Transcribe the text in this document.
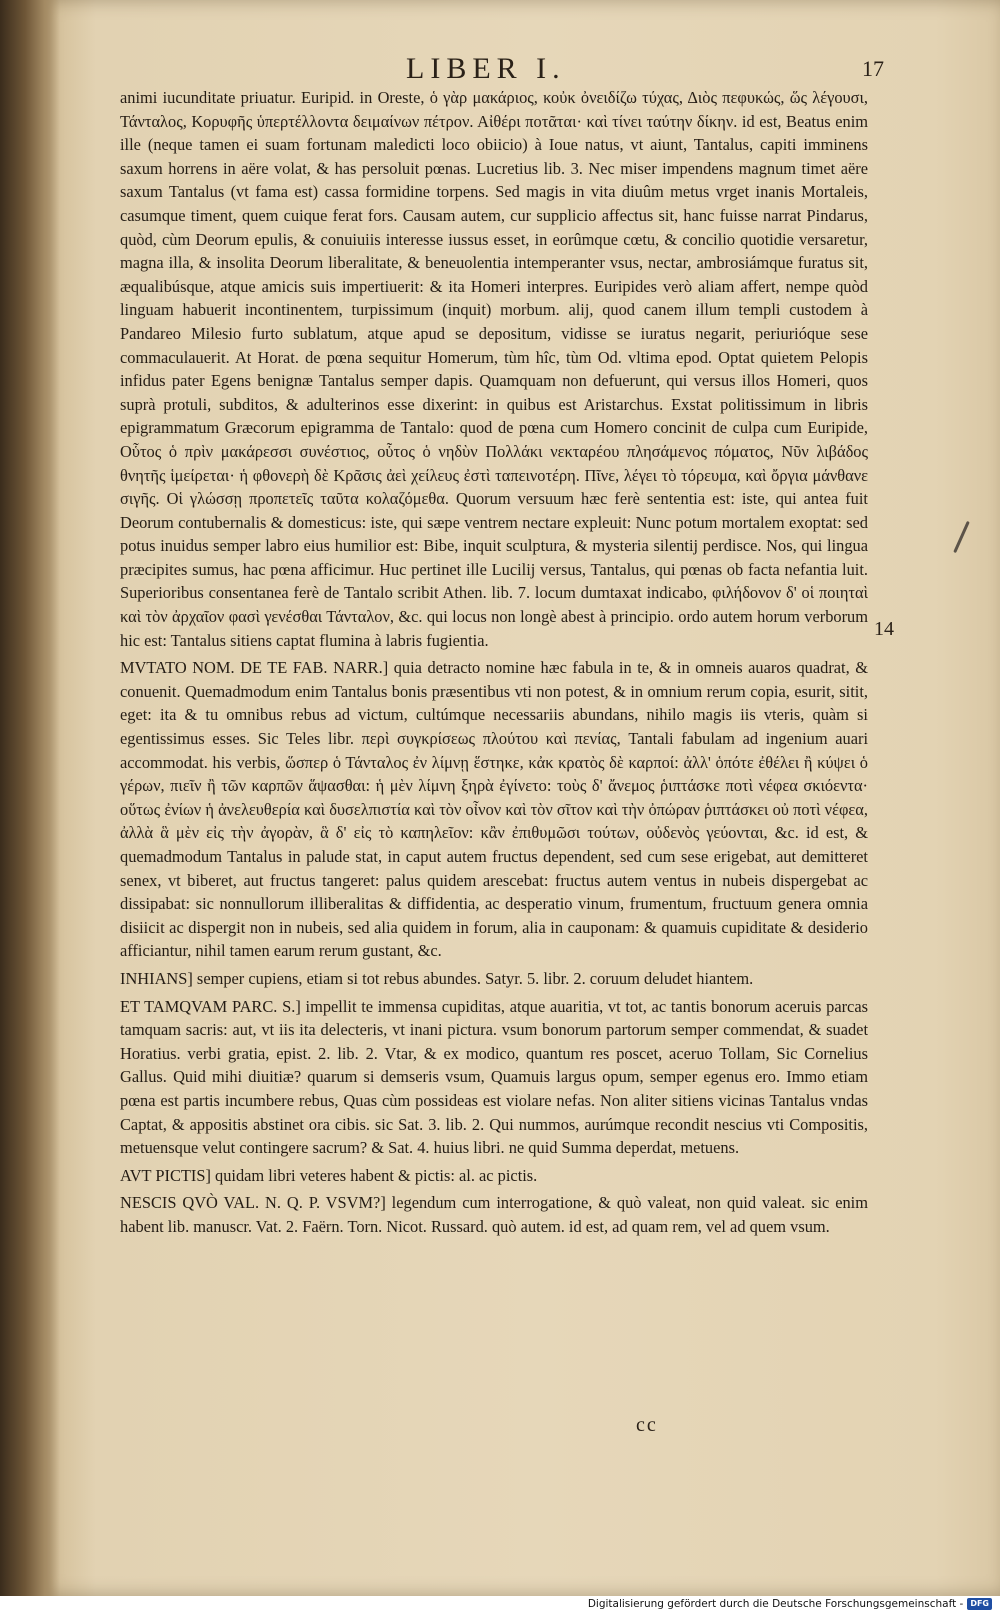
LIBER I.	17

animi iucunditate priuatur. Euripid. in Oreste, ὁ γὰρ μακάριος, κοὐκ ὀνειδίζω τύχας, Διὸς πεφυκώς, ὥς λέγουσι, Τάνταλος, Κορυφῆς ὑπερτέλλοντα δειμαίνων πέτρον. Αἰθέρι ποτᾶται· καὶ τίνει ταύτην δίκην. id est, Beatus enim ille (neque tamen ei suam fortunam maledicti loco obiicio) à Ioue natus, vt aiunt, Tantalus, capiti imminens saxum horrens in aëre volat, & has persoluit pœnas. Lucretius lib. 3. Nec miser impendens magnum timet aëre saxum Tantalus (vt fama est) cassa formidine torpens. Sed magis in vita diuûm metus vrget inanis Mortaleis, casumque timent, quem cuique ferat fors. Causam autem, cur supplicio affectus sit, hanc fuisse narrat Pindarus, quòd, cùm Deorum epulis, & conuiuiis interesse iussus esset, in eorûmque cœtu, & concilio quotidie versaretur, magna illa, & insolita Deorum liberalitate, & beneuolentia intemperanter vsus, nectar, ambrosiámque furatus sit, æqualibúsque, atque amicis suis impertiuerit: & ita Homeri interpres. Euripides verò aliam affert, nempe quòd linguam habuerit incontinentem, turpissimum (inquit) morbum. alij, quod canem illum templi custodem à Pandareo Milesio furto sublatum, atque apud se depositum, vidisse se iuratus negarit, periurióque sese commaculauerit. At Horat. de pœna sequitur Homerum, tùm hîc, tùm Od. vltima epod. Optat quietem Pelopis infidus pater Egens benignæ Tantalus semper dapis. Quamquam non defuerunt, qui versus illos Homeri, quos suprà protuli, subditos, & adulterinos esse dixerint: in quibus est Aristarchus. Exstat politissimum in libris epigrammatum Græcorum epigramma de Tantalo: quod de pœna cum Homero concinit de culpa cum Euripide, Οὗτος ὁ πρὶν μακάρεσσι συνέστιος, οὗτος ὁ νηδὺν Πολλάκι νεκταρέου πλησάμενος πόματος, Νῦν λιβάδος θνητῆς ἱμείρεται· ἡ φθονερὴ δὲ Κρᾶσις ἀεὶ χείλευς ἐστὶ ταπεινοτέρη. Πῖνε, λέγει τὸ τόρευμα, καὶ ὄργια μάνθανε σιγῆς. Οἱ γλώσσῃ προπετεῖς ταῦτα κολαζόμεθα. Quorum versuum hæc ferè sententia est: iste, qui antea fuit Deorum contubernalis & domesticus: iste, qui sæpe ventrem nectare expleuit: Nunc potum mortalem exoptat: sed potus inuidus semper labro eius humilior est: Bibe, inquit sculptura, & mysteria silentij perdisce. Nos, qui lingua præcipites sumus, hac pœna afficimur. Huc pertinet ille Lucilij versus, Tantalus, qui pœnas ob facta nefantia luit. Superioribus consentanea ferè de Tantalo scribit Athen. lib. 7. locum dumtaxat indicabo, φιλήδονον δ' οἱ ποιηταὶ καὶ τὸν ἀρχαῖον φασὶ γενέσθαι Τάνταλον, &c. qui locus non longè abest à principio. ordo autem horum verborum hic est: Tantalus sitiens captat flumina à labris fugientia.

MVTATO NOM. DE TE FAB. NARR.] quia detracto nomine hæc fabula in te, & in omneis auaros quadrat, & conuenit. Quemadmodum enim Tantalus bonis præsentibus vti non potest, & in omnium rerum copia, esurit, sitit, eget: ita & tu omnibus rebus ad victum, cultúmque necessariis abundans, nihilo magis iis vteris, quàm si egentissimus esses. Sic Teles libr. περὶ συγκρίσεως πλούτου καὶ πενίας, Tantali fabulam ad ingenium auari accommodat. his verbis, ὥσπερ ὁ Τάνταλος ἐν λίμνῃ ἕστηκε, κἀκ κρατὸς δὲ καρποί: ἀλλ' ὁπότε ἐθέλει ἢ κύψει ὁ γέρων, πιεῖν ἢ τῶν καρπῶν ἅψασθαι: ἡ μὲν λίμνη ξηρὰ ἐγίνετο: τοὺς δ' ἄνεμος ῥιπτάσκε ποτὶ νέφεα σκιόεντα· οὕτως ἐνίων ἡ ἀνελευθερία καὶ δυσελπιστία καὶ τὸν οἶνον καὶ τὸν σῖτον καὶ τὴν ὀπώραν ῥιπτάσκει οὐ ποτὶ νέφεα, ἀλλὰ ἃ μὲν εἰς τὴν ἀγορὰν, ἃ δ' εἰς τὸ καπηλεῖον: κἂν ἐπιθυμῶσι τούτων, οὐδενὸς γεύονται, &c. id est, & quemadmodum Tantalus in palude stat, in caput autem fructus dependent, sed cum sese erigebat, aut demitteret senex, vt biberet, aut fructus tangeret: palus quidem arescebat: fructus autem ventus in nubeis dispergebat ac dissipabat: sic nonnullorum illiberalitas & diffidentia, ac desperatio vinum, frumentum, fructuum genera omnia disiicit ac dispergit non in nubeis, sed alia quidem in forum, alia in cauponam: & quamuis cupiditate & desiderio afficiantur, nihil tamen earum rerum gustant, &c.

INHIANS] semper cupiens, etiam si tot rebus abundes. Satyr. 5. libr. 2. coruum deludet hiantem.

ET TAMQVAM PARC. S.] impellit te immensa cupiditas, atque auaritia, vt tot, ac tantis bonorum aceruis parcas tamquam sacris: aut, vt iis ita delecteris, vt inani pictura. vsum bonorum partorum semper commendat, & suadet Horatius. verbi gratia, epist. 2. lib. 2. Vtar, & ex modico, quantum res poscet, aceruo Tollam, Sic Cornelius Gallus. Quid mihi diuitiæ? quarum si demseris vsum, Quamuis largus opum, semper egenus ero. Immo etiam pœna est partis incumbere rebus, Quas cùm possideas est violare nefas. Non aliter sitiens vicinas Tantalus vndas Captat, & appositis abstinet ora cibis. sic Sat. 3. lib. 2. Qui nummos, aurúmque recondit nescius vti Compositis, metuensque velut contingere sacrum? & Sat. 4. huius libri. ne quid Summa deperdat, metuens.

AVT PICTIS] quidam libri veteres habent & pictis: al. ac pictis.

NESCIS QVÒ VAL. N. Q. P. VSVM?] legendum cum interrogatione, & quò valeat, non quid valeat. sic enim habent lib. manuscr. Vat. 2. Faërn. Torn. Nicot. Russard. quò autem. id est, ad quam rem, vel ad quem vsum.

14
cc
Digitalisierung gefördert durch die Deutsche Forschungsgemeinschaft - DFG
